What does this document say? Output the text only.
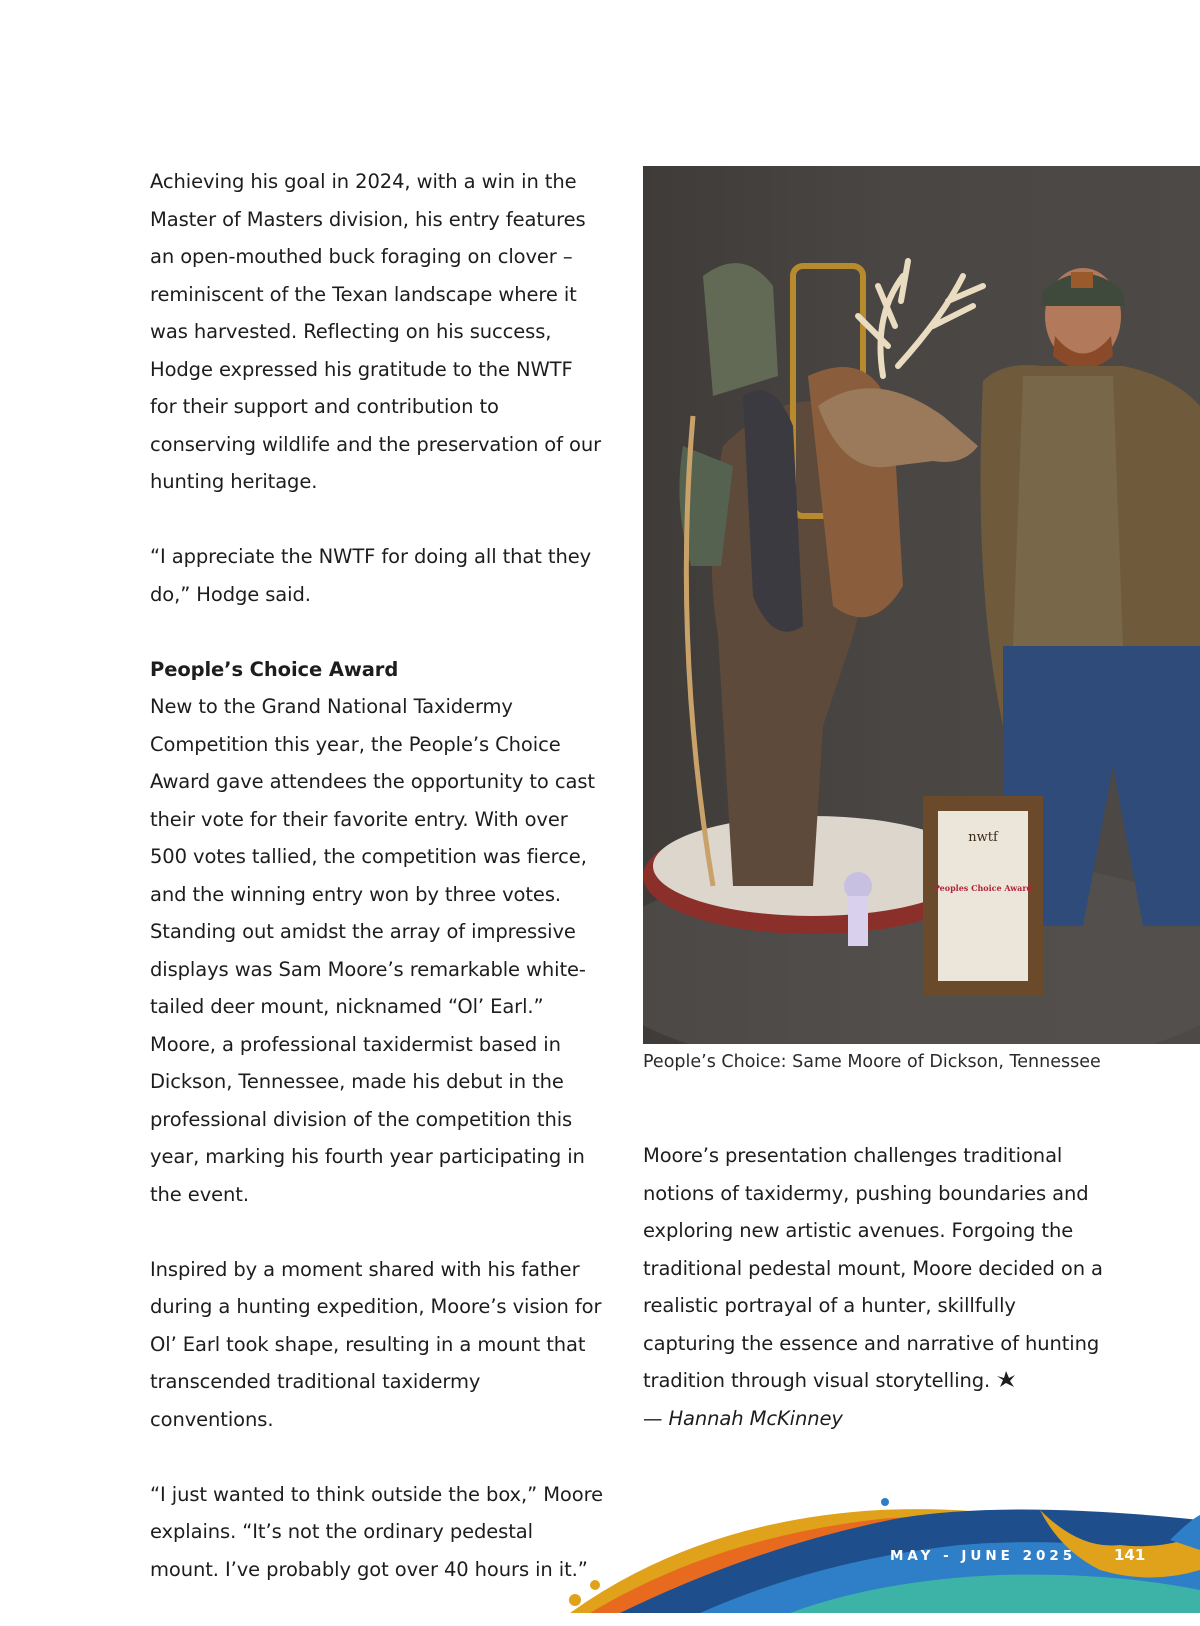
Achieving his goal in 2024, with a win in the Master of Masters division, his entry features an open-mouthed buck foraging on clover – reminiscent of the Texan landscape where it was harvested. Reflecting on his success, Hodge expressed his gratitude to the NWTF for their support and contribution to conserving wildlife and the preservation of our hunting heritage.

“I appreciate the NWTF for doing all that they do,” Hodge said.

People’s Choice Award

New to the Grand National Taxidermy Competition this year, the People’s Choice Award gave attendees the opportunity to cast their vote for their favorite entry. With over 500 votes tallied, the competition was fierce, and the winning entry won by three votes. Standing out amidst the array of impressive displays was Sam Moore’s remarkable white-tailed deer mount, nicknamed “Ol’ Earl.” Moore, a professional taxidermist based in Dickson, Tennessee, made his debut in the professional division of the competition this year, marking his fourth year participating in the event.

Inspired by a moment shared with his father during a hunting expedition, Moore’s vision for Ol’ Earl took shape, resulting in a mount that transcended traditional taxidermy conventions.

“I just wanted to think outside the box,” Moore explains. “It’s not the ordinary pedestal mount. I’ve probably got over 40 hours in it.”

nwtf
Peoples Choice Award
People’s Choice: Same Moore of Dickson, Tennessee

Moore’s presentation challenges traditional notions of taxidermy, pushing boundaries and exploring new artistic avenues. Forgoing the traditional pedestal mount, Moore decided on a realistic portrayal of a hunter, skillfully capturing the essence and narrative of hunting tradition through visual storytelling.

— Hannah McKinney
MAY - JUNE 2025	141
